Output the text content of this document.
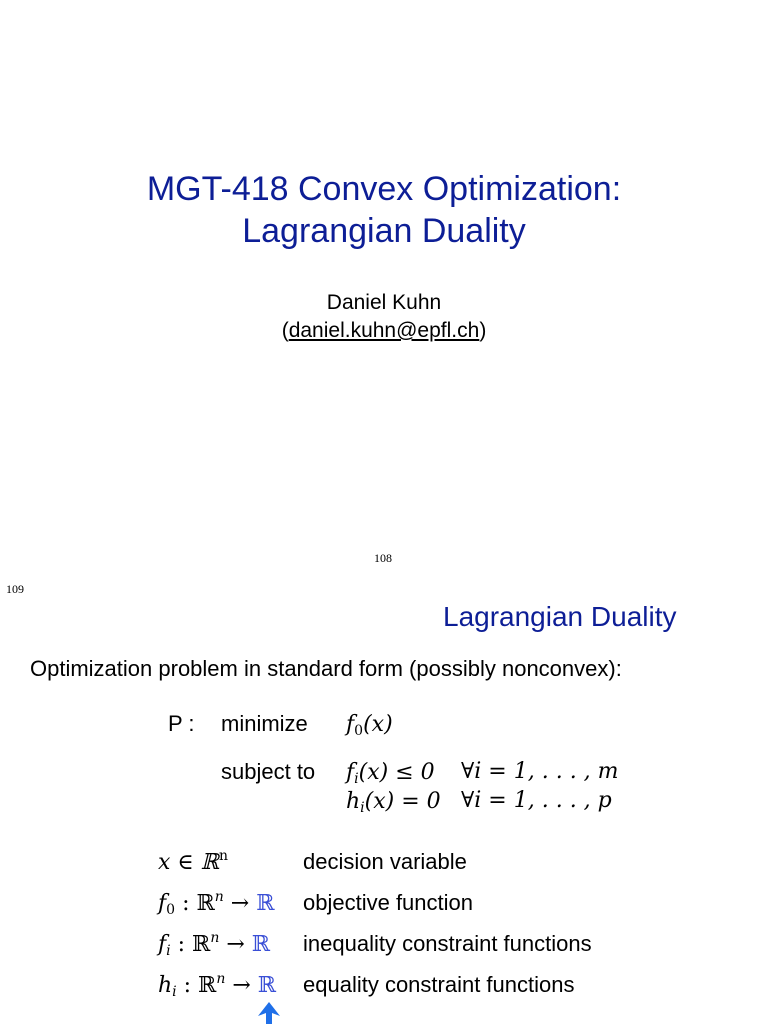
MGT-418 Convex Optimization:
Lagrangian Duality
Daniel Kuhn
(daniel.kuhn@epfl.ch)
108
109
Lagrangian Duality
Optimization problem in standard form (possibly nonconvex):
P : minimize $f_0(x)$
subject to $f_i(x) \le 0$ ∀i = 1, . . . , m
$h_i(x) = 0$ ∀i = 1, . . . , p
x ∈ ℝ$^n$	decision variable
$f_0$ : ℝ$^n$ → ℝ	objective function
$f_i$ : ℝ$^n$ → ℝ	inequality constraint functions
$h_i$ : ℝ$^n$ → ℝ	equality constraint functions
